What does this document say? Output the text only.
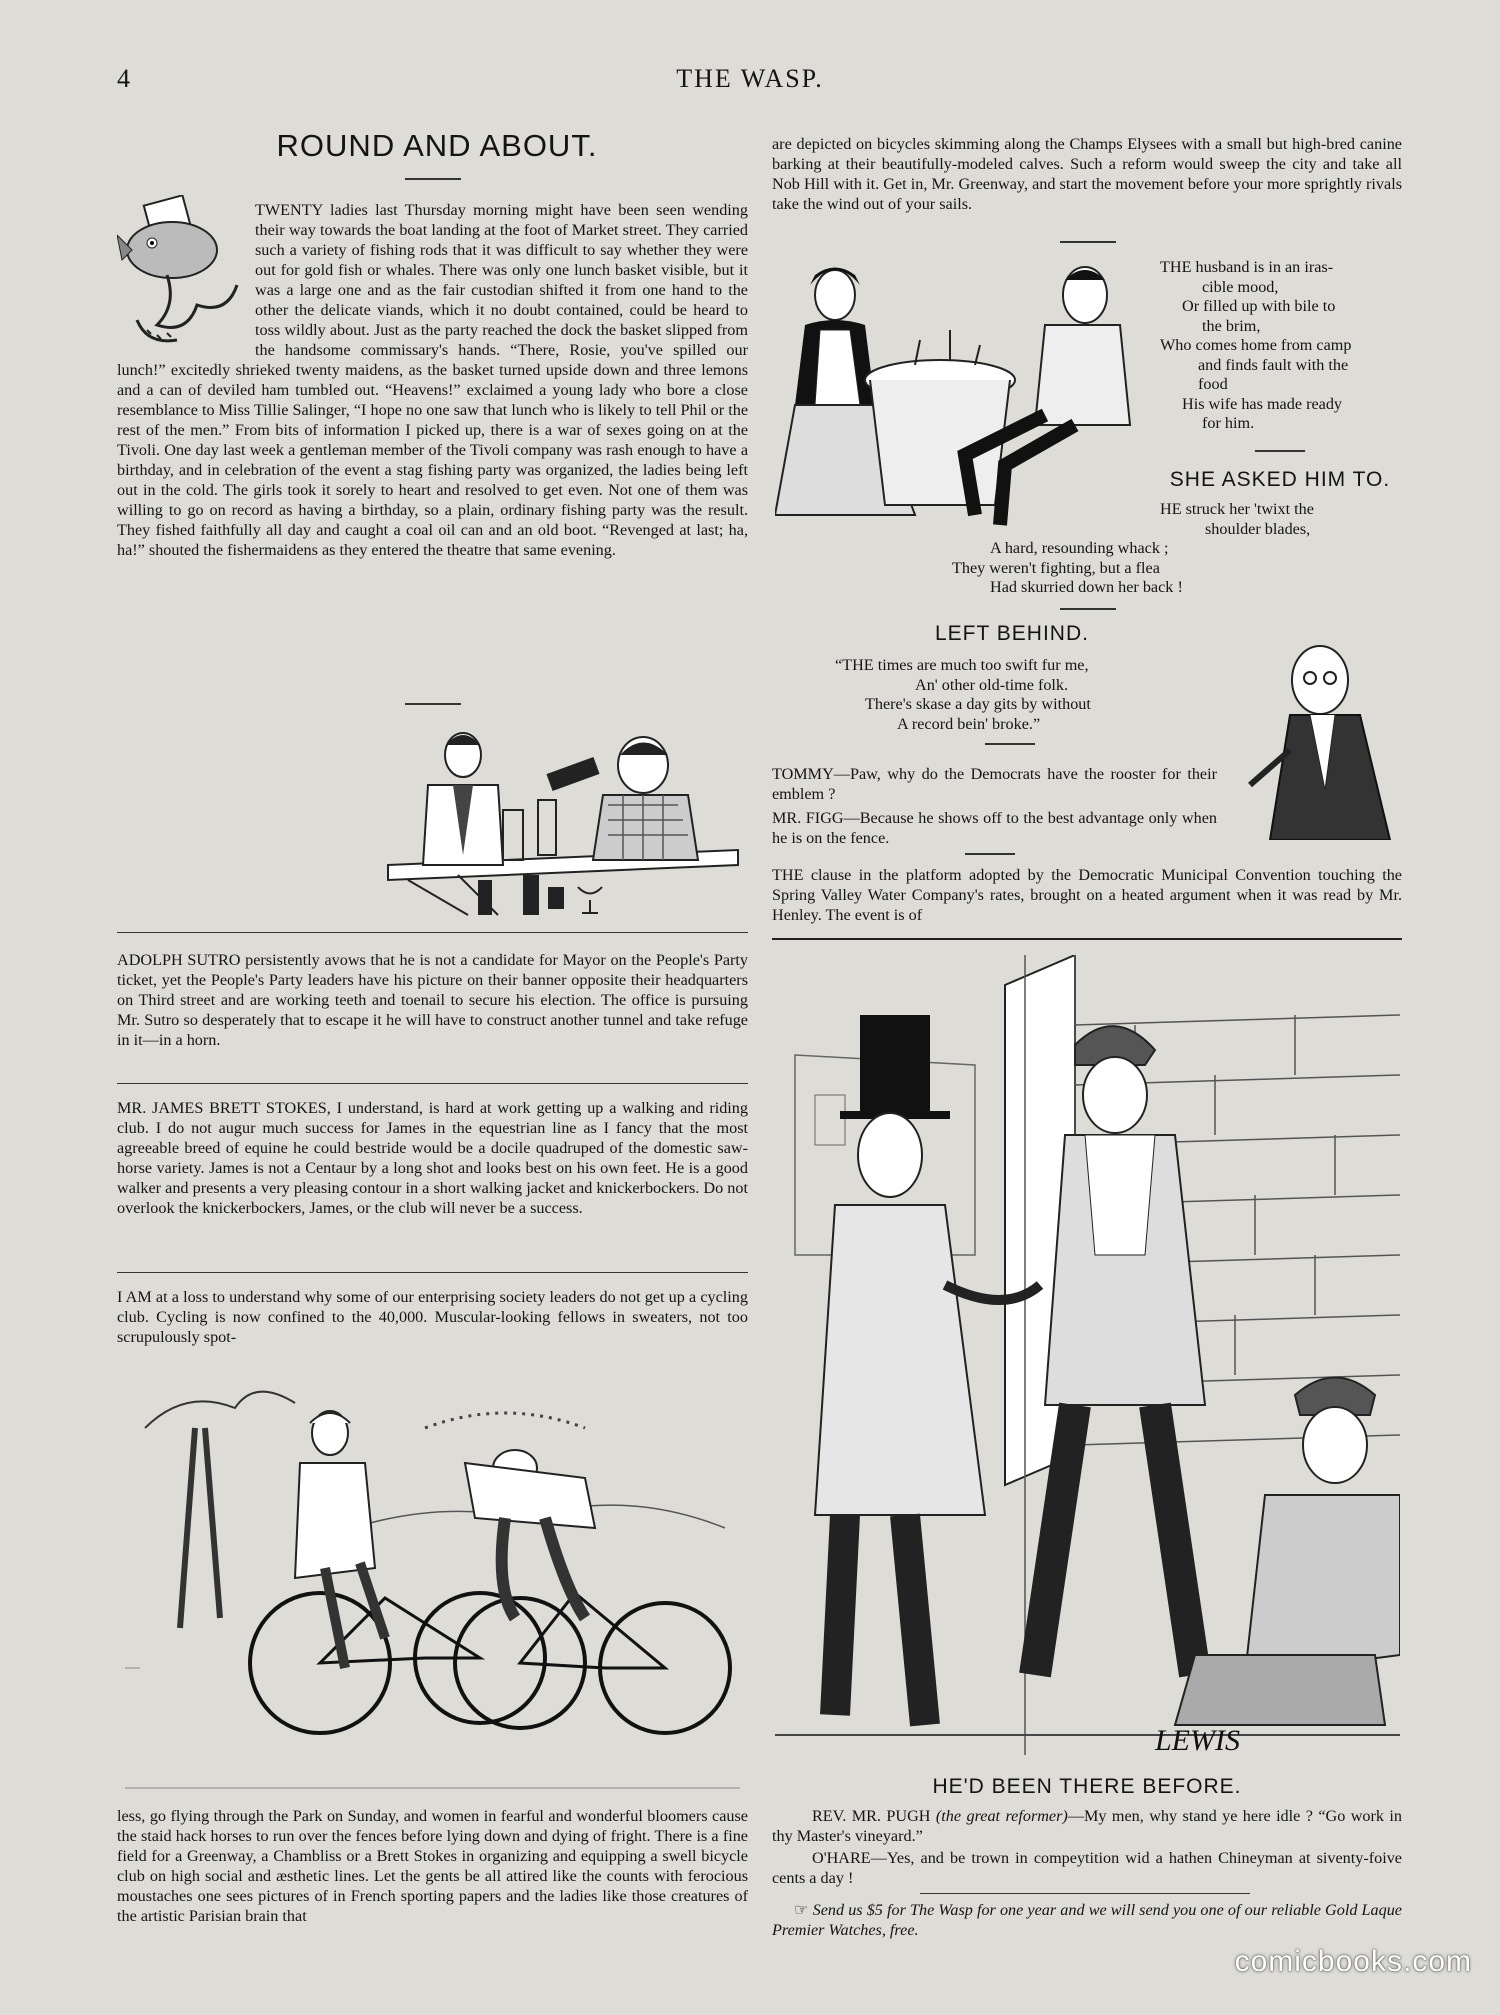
4	THE WASP.
ROUND AND ABOUT.
TWENTY ladies last Thursday morning might have been seen wending their way towards the boat landing at the foot of Market street. They carried such a variety of fishing rods that it was difficult to say whether they were out for gold fish or whales. There was only one lunch basket visible, but it was a large one and as the fair custodian shifted it from one hand to the other the delicate viands, which it no doubt contained, could be heard to toss wildly about. Just as the party reached the dock the basket slipped from the handsome commissary's hands. “There, Rosie, you've spilled our lunch!” excitedly shrieked twenty maidens, as the basket turned upside down and three lemons and a can of deviled ham tumbled out. “Heavens!” exclaimed a young lady who bore a close resemblance to Miss Tillie Salinger, “I hope no one saw that lunch who is likely to tell Phil or the rest of the men.” From bits of information I picked up, there is a war of sexes going on at the Tivoli. One day last week a gentleman member of the Tivoli company was rash enough to have a birthday, and in celebration of the event a stag fishing party was organized, the ladies being left out in the cold. The girls took it sorely to heart and resolved to get even. Not one of them was willing to go on record as having a birthday, so a plain, ordinary fishing party was the result. They fished faithfully all day and caught a coal oil can and an old boot. “Revenged at last; ha, ha!” shouted the fishermaidens as they entered the theatre that same evening.
ADOLPH SUTRO persistently avows that he is not a candidate for Mayor on the People's Party ticket, yet the People's Party leaders have his picture on their banner opposite their headquarters on Third street and are working teeth and toenail to secure his election. The office is pursuing Mr. Sutro so desperately that to escape it he will have to construct another tunnel and take refuge in it—in a horn.
MR. JAMES BRETT STOKES, I understand, is hard at work getting up a walking and riding club. I do not augur much success for James in the equestrian line as I fancy that the most agreeable breed of equine he could bestride would be a docile quadruped of the domestic saw-horse variety. James is not a Centaur by a long shot and looks best on his own feet. He is a good walker and presents a very pleasing contour in a short walking jacket and knickerbockers. Do not overlook the knickerbockers, James, or the club will never be a success.
I AM at a loss to understand why some of our enterprising society leaders do not get up a cycling club. Cycling is now confined to the 40,000. Muscular-looking fellows in sweaters, not too scrupulously spot-
less, go flying through the Park on Sunday, and women in fearful and wonderful bloomers cause the staid hack horses to run over the fences before lying down and dying of fright. There is a fine field for a Greenway, a Chambliss or a Brett Stokes in organizing and equipping a swell bicycle club on high social and æsthetic lines. Let the gents be all attired like the counts with ferocious moustaches one sees pictures of in French sporting papers and the ladies like those creatures of the artistic Parisian brain that
are depicted on bicycles skimming along the Champs Elysees with a small but high-bred canine barking at their beautifully-modeled calves. Such a reform would sweep the city and take all Nob Hill with it. Get in, Mr. Greenway, and start the movement before your more sprightly rivals take the wind out of your sails.
THE husband is in an iras-
cible mood,
Or filled up with bile to
the brim,
Who comes home from camp
and finds fault with the
food
His wife has made ready
for him.
SHE ASKED HIM TO.
HE struck her 'twixt the
shoulder blades,
A hard, resounding whack ;
They weren't fighting, but a flea
Had skurried down her back !
LEFT BEHIND.
“THE times are much too swift fur me,
An' other old-time folk.
There's skase a day gits by without
A record bein' broke.”
TOMMY—Paw, why do the Democrats have the rooster for their emblem ?
MR. FIGG—Because he shows off to the best advantage only when he is on the fence.
THE clause in the platform adopted by the Democratic Municipal Convention touching the Spring Valley Water Company's rates, brought on a heated argument when it was read by Mr. Henley. The event is of
LEWIS
HE'D BEEN THERE BEFORE.
REV. MR. PUGH (the great reformer)—My men, why stand ye here idle ? “Go work in thy Master's vineyard.”
O'HARE—Yes, and be trown in compeytition wid a hathen Chineyman at siventy-foive cents a day !
☞ Send us $5 for The Wasp for one year and we will send you one of our reliable Gold Laque Premier Watches, free.
comicbooks.com
